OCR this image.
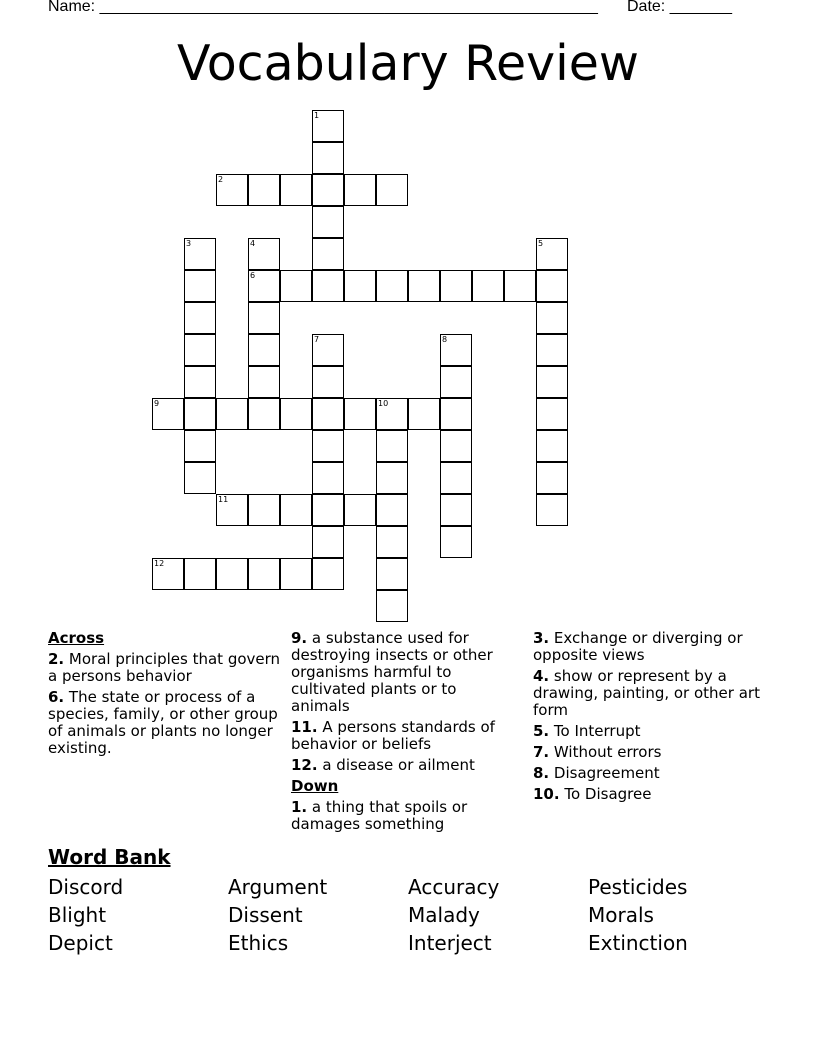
Name: ________________________________________________________ Date: _______
Vocabulary Review
1
2
3	4	5
6
7	8
9	10
11
12
Across
2. Moral principles that govern a persons behavior
6. The state or process of a species, family, or other group of animals or plants no longer existing.
9. a substance used for destroying insects or other organisms harmful to cultivated plants or to animals
11. A persons standards of behavior or beliefs
12. a disease or ailment
Down
1. a thing that spoils or damages something
3. Exchange or diverging or opposite views
4. show or represent by a drawing, painting, or other art form
5. To Interrupt
7. Without errors
8. Disagreement
10. To Disagree
Word Bank
Discord	Argument	Accuracy	Pesticides
Blight	Dissent	Malady	Morals
Depict	Ethics	Interject	Extinction
